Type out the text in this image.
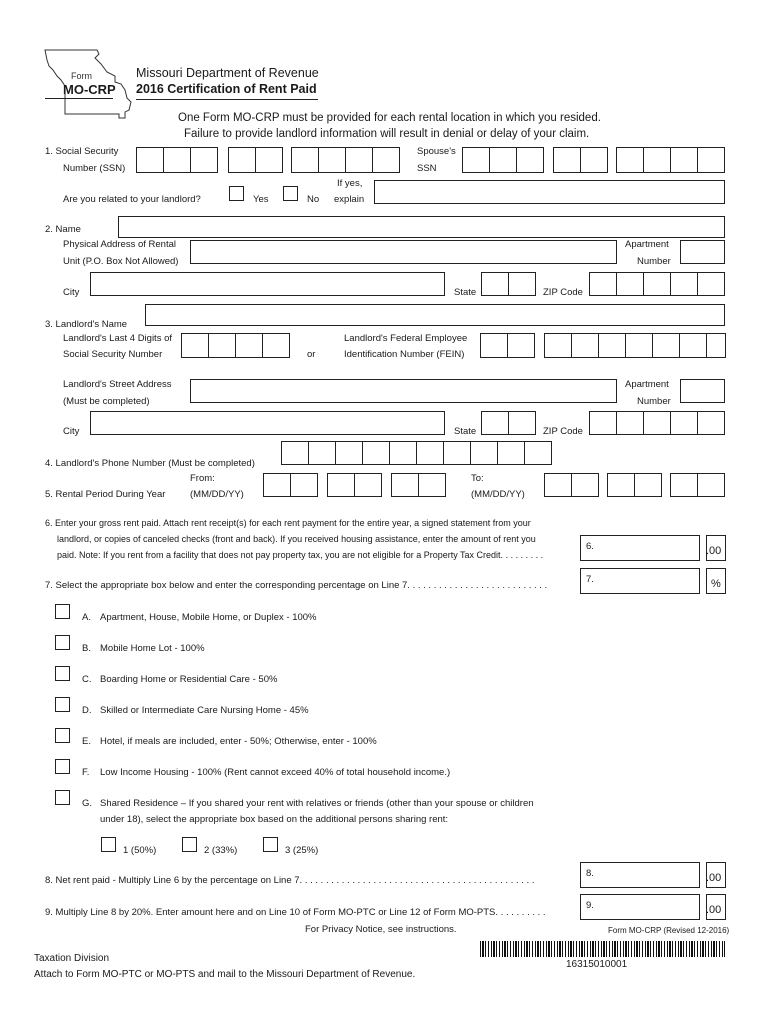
Form
MO-CRP
Missouri Department of Revenue
2016 Certification of Rent Paid
One Form MO-CRP must be provided for each rental location in which you resided.
Failure to provide landlord information will result in denial or delay of your claim.
1. Social Security
Number (SSN)
Spouse's
SSN
Are you related to your landlord?	Yes	No
If yes,
explain
2. Name
Physical Address of Rental
Unit (P.O. Box Not Allowed)
Apartment
Number
City	State	ZIP Code
3. Landlord's Name
Landlord's Last 4 Digits of
Social Security Number	or
Landlord's Federal Employee
Identification Number (FEIN)
Landlord's Street Address
(Must be completed)
Apartment
Number
City	State	ZIP Code
4. Landlord's Phone Number (Must be completed)
From:
5. Rental Period During Year	(MM/DD/YY)
To:
(MM/DD/YY)
6. Enter your gross rent paid. Attach rent receipt(s) for each rent payment for the entire year, a signed statement from your
landlord, or copies of canceled checks (front and back). If you received housing assistance, enter the amount of rent you
paid. Note: If you rent from a facility that does not pay property tax, you are not eligible for a Property Tax Credit. . . . . . . . .
6.	.00
7. Select the appropriate box below and enter the corresponding percentage on Line 7. . . . . . . . . . . . . . . . . . . . . . . . . . .
7.	%
A. Apartment, House, Mobile Home, or Duplex - 100%
B. Mobile Home Lot - 100%
C. Boarding Home or Residential Care - 50%
D. Skilled or Intermediate Care Nursing Home - 45%
E. Hotel, if meals are included, enter - 50%; Otherwise, enter - 100%
F. Low Income Housing - 100% (Rent cannot exceed 40% of total household income.)
G. Shared Residence – If you shared your rent with relatives or friends (other than your spouse or children
under 18), select the appropriate box based on the additional persons sharing rent:
1 (50%)	2 (33%)	3 (25%)
8. Net rent paid - Multiply Line 6 by the percentage on Line 7. . . . . . . . . . . . . . . . . . . . . . . . . . . . . . . . . . . . . . . . . . . . .
8.	.00
9. Multiply Line 8 by 20%. Enter amount here and on Line 10 of Form MO-PTC or Line 12 of Form MO-PTS. . . . . . . . . .
9.	.00
For Privacy Notice, see instructions.	Form MO-CRP (Revised 12-2016)
Taxation Division
Attach to Form MO-PTC or MO-PTS and mail to the Missouri Department of Revenue.
16315010001
